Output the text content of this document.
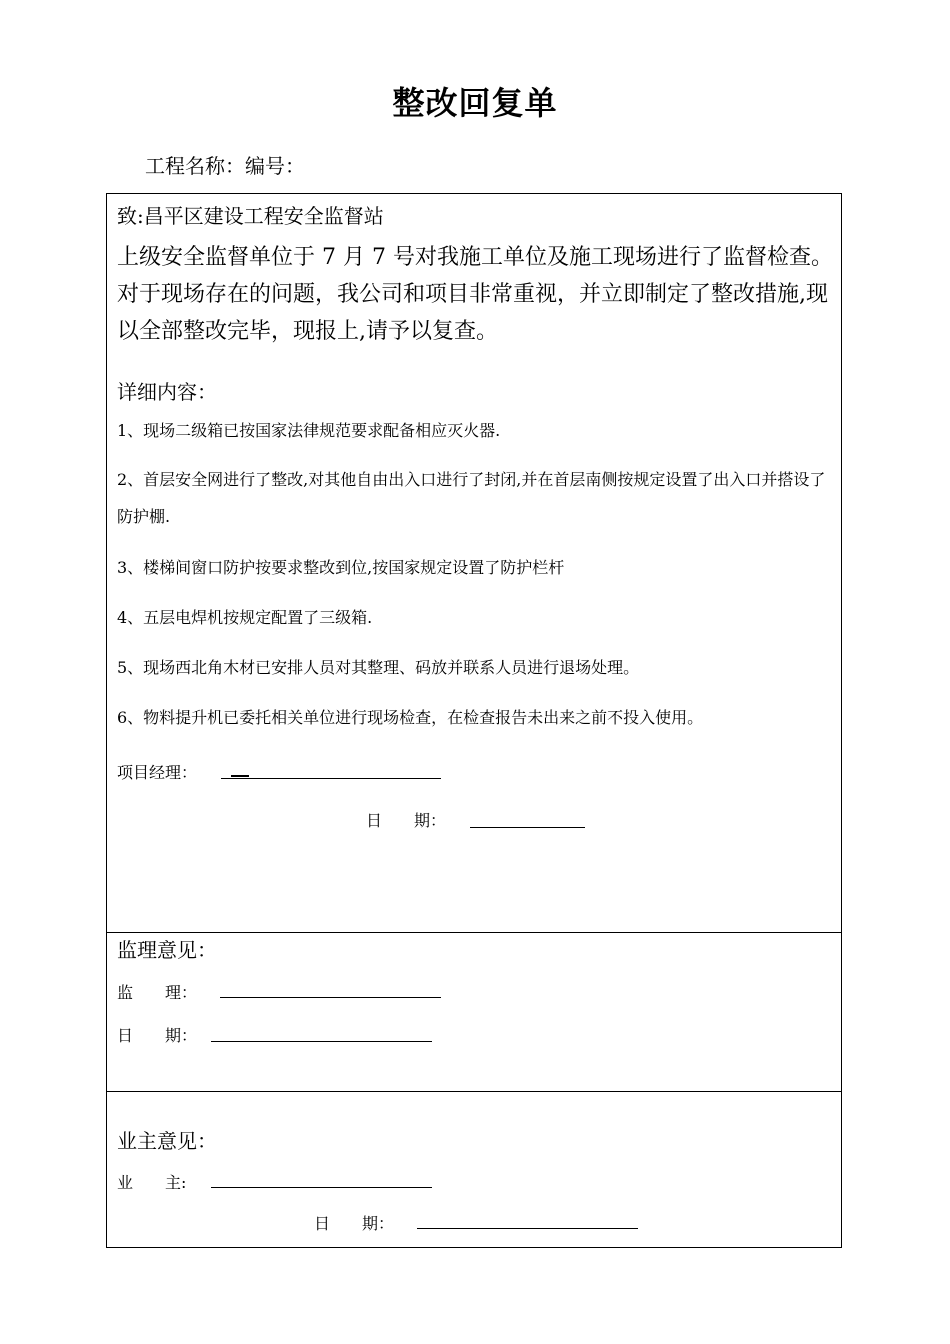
整改回复单
工程名称：编号：
致:昌平区建设工程安全监督站
上级安全监督单位于 7 月 7 号对我施工单位及施工现场进行了监督检查。对于现场存在的问题，我公司和项目非常重视，并立即制定了整改措施,现以全部整改完毕，现报上,请予以复查。
详细内容：
1、现场二级箱已按国家法律规范要求配备相应灭火器.
2、首层安全网进行了整改,对其他自由出入口进行了封闭,并在首层南侧按规定设置了出入口并搭设了防护棚.
3、楼梯间窗口防护按要求整改到位,按国家规定设置了防护栏杆
4、五层电焊机按规定配置了三级箱.
5、现场西北角木材已安排人员对其整理、码放并联系人员进行退场处理。
6、物料提升机已委托相关单位进行现场检查，在检查报告未出来之前不投入使用。
项目经理：
日　　期：
监理意见：
监　　理：
日　　期：
业主意见：
业　　主:
日　　期：
